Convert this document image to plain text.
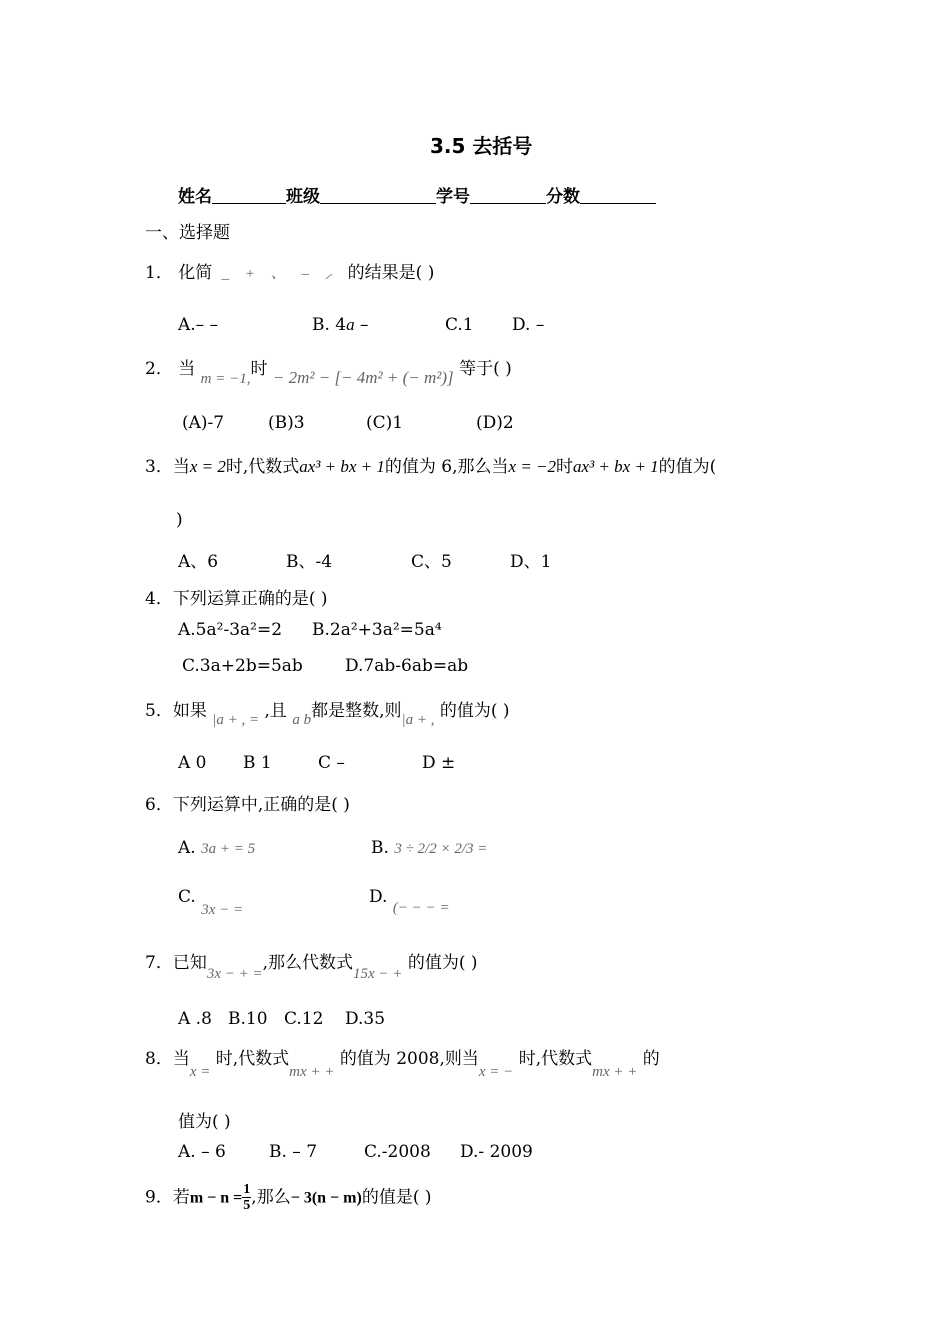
3.5 去括号
姓名	班级	学号	分数
一、选择题
1． 化简 _ + 、 – ⸝ 的结果是( )
A.– –	B. 4a –	C.1 D. –
2． 当 m = −1,时 − 2m² − [− 4m² + (− m²)] 等于( )
(A)-7	(B)3	(C)1	(D)2
3．当x = 2时,代数式ax³ + bx + 1的值为 6,那么当x = −2时ax³ + bx + 1的值为(
)
A、6	B、-4	C、5	D、1
4．下列运算正确的是( )
A.5a²-3a²=2 B.2a²+3a²=5a⁴
C.3a+2b=5ab D.7ab-6ab=ab
5．如果 |a + , = ,且 a b都是整数,则|a + , 的值为( )
A 0 B 1	C –	D ±
6．下列运算中,正确的是( )
A. 3a + = 5	B. 3 ÷ 2/2 × 2/3 =
C. 3x − =
D. (− − − =
7．已知3x − + =,那么代数式15x − + 的值为( )
A .8 B.10 C.12 D.35
8．当x = 时,代数式mx + + 的值为 2008,则当x = − 时,代数式mx + + 的
值为( )
A. – 6	B. – 7	C.-2008 D.- 2009
9．若$m - n = \frac{1}{5}$ ,那么− 3(n − m)的值是( )
